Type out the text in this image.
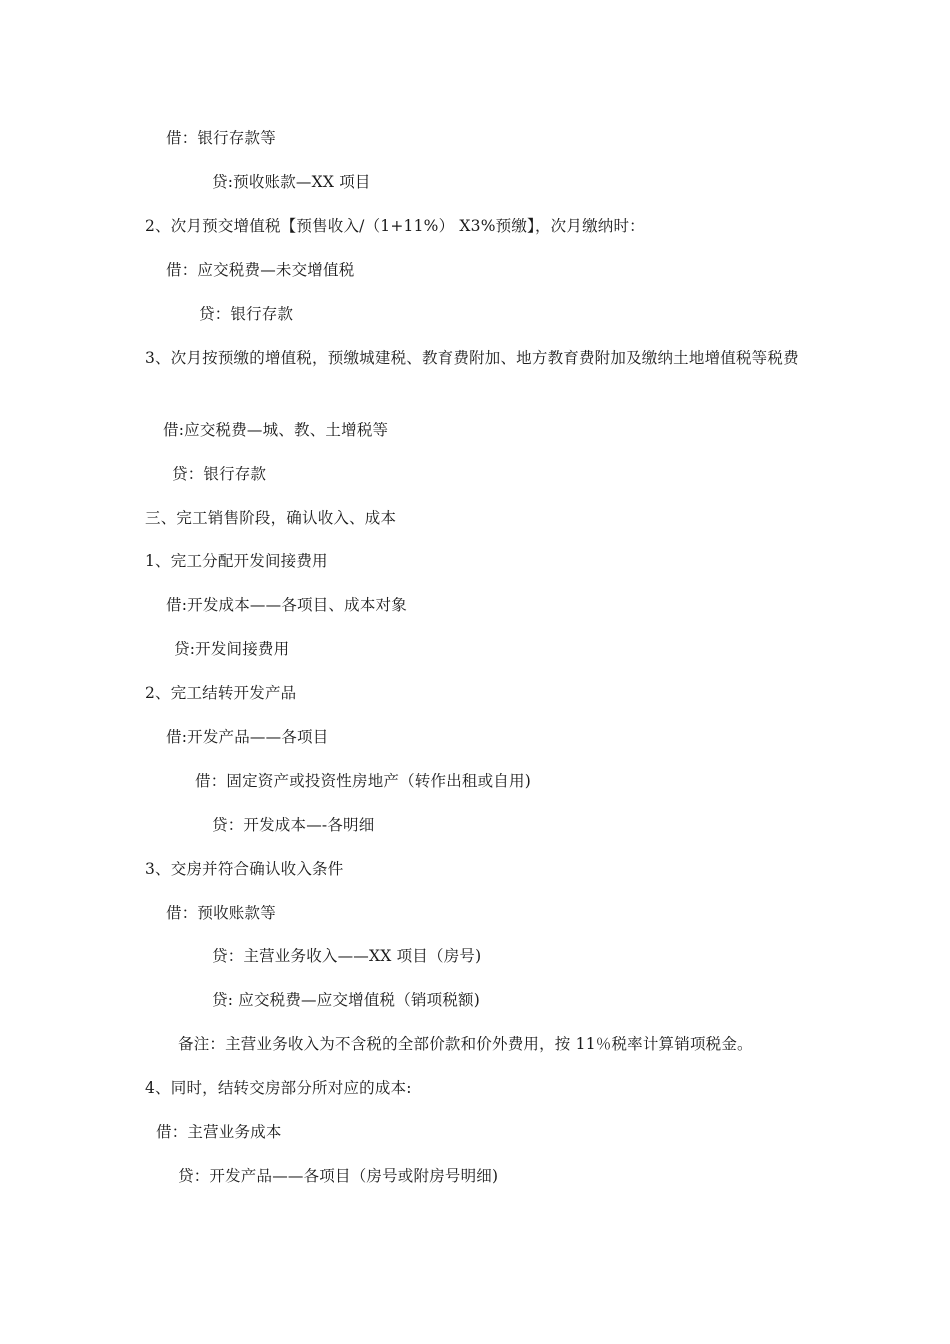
借：银行存款等
贷:预收账款—XX 项目
2、次月预交增值税【预售收入/（1+11%） X3%预缴】，次月缴纳时：
借：应交税费—未交增值税
贷：银行存款
3、次月按预缴的增值税，预缴城建税、教育费附加、地方教育费附加及缴纳土地增值税等税费
借:应交税费—城、教、土增税等
贷：银行存款
三、完工销售阶段，确认收入、成本
1、完工分配开发间接费用
借:开发成本——各项目、成本对象
贷:开发间接费用
2、完工结转开发产品
借:开发产品——各项目
借：固定资产或投资性房地产（转作出租或自用)
贷：开发成本—-各明细
3、交房并符合确认收入条件
借：预收账款等
贷：主营业务收入——XX 项目（房号)
贷: 应交税费—应交增值税（销项税额)
备注：主营业务收入为不含税的全部价款和价外费用，按 11％税率计算销项税金。
4、同时，结转交房部分所对应的成本:
借：主营业务成本
贷：开发产品——各项目（房号或附房号明细)
